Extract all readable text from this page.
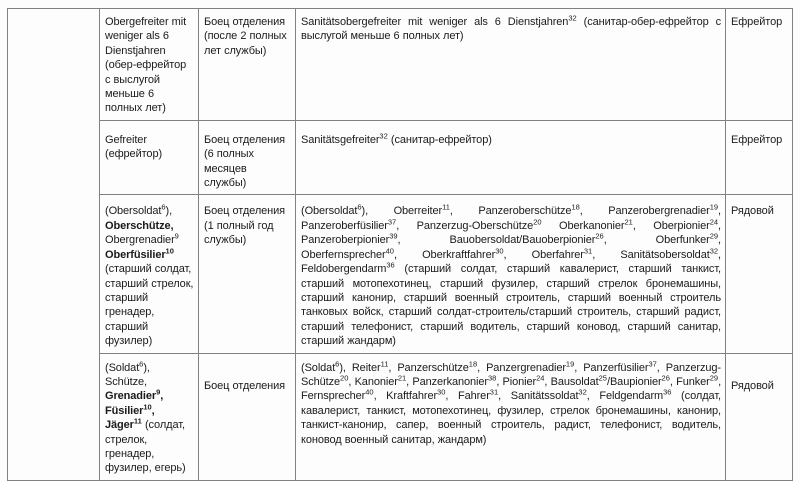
	Obergefreiter mit weniger als 6 Dienstjahren (обер-ефрейтор с выслугой меньше 6 полных лет)	Боец отделения (после 2 полных лет службы)	Sanitätsobergefreiter mit weniger als 6 Dienstjahren$^{32}$ (санитар-обер-ефрейтор с выслугой меньше 6 полных лет)	Ефрейтор
	Gefreiter (ефрейтор)	Боец отделения (6 полных месяцев службы)	Sanitätsgefreiter$^{32}$ (санитар-ефрейтор)	Ефрейтор
	(Obersoldat$^6$), Oberschütze, Obergrenadier$^9$ Oberfüsilier$^{10}$ (старший солдат, старший стрелок, старший гренадер, старший фузилер)	Боец отделения (1 полный год службы)	(Obersoldat$^6$), Oberreiter$^{11}$, Panzeroberschütze$^{18}$, Panzerobergrenadier$^{19}$, Panzeroberfüsilier$^{37}$, Panzerzug-Oberschütze$^{20}$ Oberkanonier$^{21}$, Oberpionier$^{24}$, Panzeroberpionier$^{39}$, Bauobersoldat/Bauoberpionier$^{26}$, Oberfunker$^{29}$, Oberfernsprecher$^{40}$, Oberkraftfahrer$^{30}$, Oberfahrer$^{31}$, Sanitätsobersoldat$^{32}$, Feldobergendarm$^{36}$ (старший солдат, старший кавалерист, старший танкист, старший мотопехотинец, старший фузилер, старший стрелок бронемашины, старший канонир, старший военный строитель, старший военный строитель танковых войск, старший солдат-строитель/старший строитель, старший радист, старший телефонист, старший водитель, старший коновод, старший санитар, старший жандарм)	Рядовой
	(Soldat$^6$), Schütze, Grenadier$^9$, Füsilier$^{10}$, Jäger$^{11}$ (солдат, стрелок, гренадер, фузилер, егерь)	Боец отделения	(Soldat$^6$), Reiter$^{11}$, Panzerschütze$^{18}$, Panzergrenadier$^{19}$, Panzerfüsilier$^{37}$, Panzerzug-Schütze$^{20}$, Kanonier$^{21}$, Panzerkanonier$^{38}$, Pionier$^{24}$, Bausoldat$^{25}$/Baupionier$^{26}$, Funker$^{29}$, Fernsprecher$^{40}$, Kraftfahrer$^{30}$, Fahrer$^{31}$, Sanitätssoldat$^{32}$, Feldgendarm$^{36}$ (солдат, кавалерист, танкист, мотопехотинец, фузилер, стрелок бронемашины, канонир, танкист-канонир, сапер, военный строитель, радист, телефонист, водитель, коновод военный санитар, жандарм)	Рядовой
